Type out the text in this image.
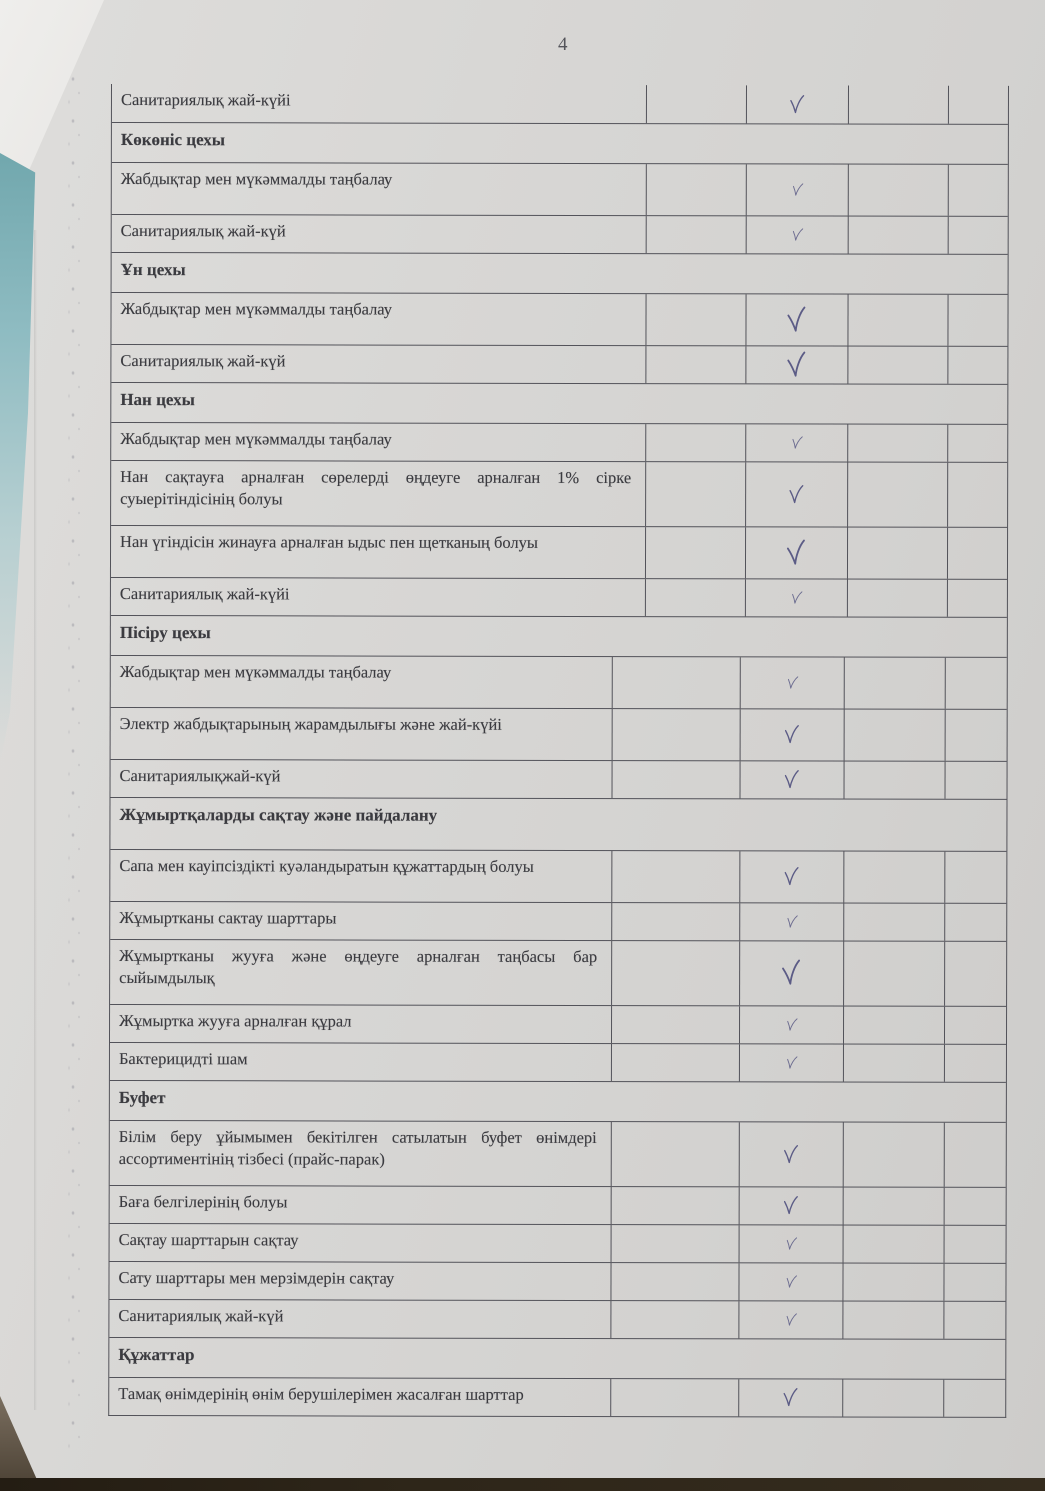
4
Санитариялық жай-күйі
Көкөніс цехы
Жабдықтар мен мүкәммалды таңбалау
Санитариялық жай-күй
Ұн цехы
Жабдықтар мен мүкәммалды таңбалау
Санитариялық жай-күй
Нан цехы
Жабдықтар мен мүкәммалды таңбалау
Нан сақтауға арналған сөрелерді өңдеуге арналған 1% сірке суыерітіндісінің болуы
Нан үгіндісін жинауға арналған ыдыс пен щетканың болуы
Санитариялық жай-күйі
Пісіру цехы
Жабдықтар мен мүкәммалды таңбалау
Электр жабдықтарының жарамдылығы және жай-күйі
Санитариялықжай-күй
Жұмыртқаларды сақтау және пайдалану
Сапа мен кауіпсіздікті куәландыратын құжаттардың болуы
Жұмыртканы сактау шарттары
Жұмыртканы жууға және өңдеуге арналған таңбасы бар сыйымдылық
Жұмыртка жууға арналған құрал
Бактерицидті шам
Буфет
Білім беру ұйымымен бекітілген сатылатын буфет өнімдері ассортиментінің тізбесі (прайс-парак)
Баға белгілерінің болуы
Сақтау шарттарын сақтау
Сату шарттары мен мерзімдерін сақтау
Санитариялық жай-күй
Құжаттар
Тамақ өнімдерінің өнім берушілерімен жасалған шарттар
